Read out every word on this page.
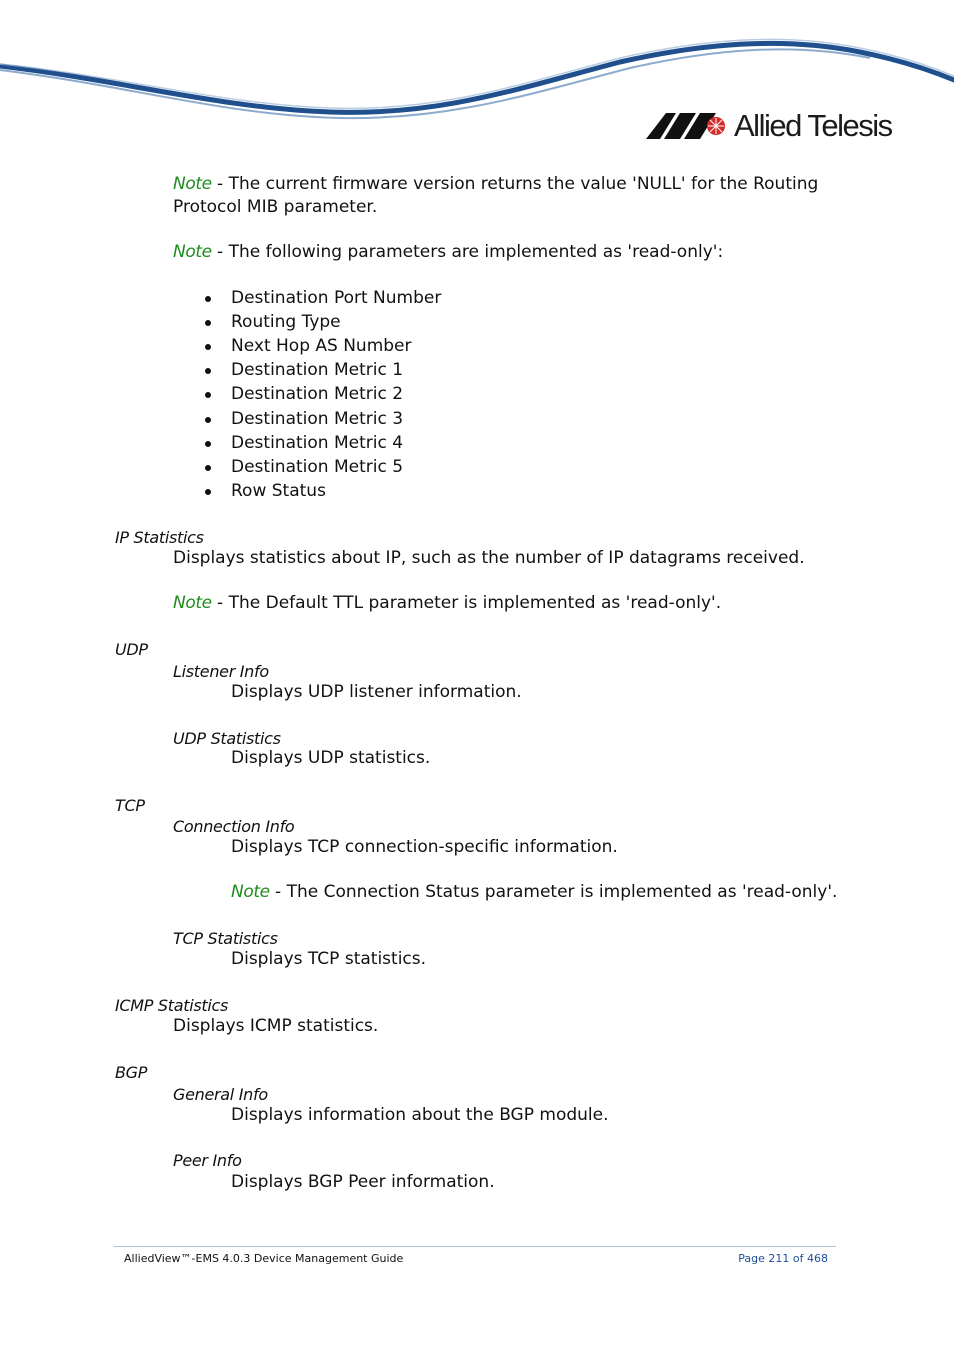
Allied Telesis
Note - The current firmware version returns the value 'NULL' for the Routing
Protocol MIB parameter.
Note - The following parameters are implemented as 'read-only':
Destination Port Number
Routing Type
Next Hop AS Number
Destination Metric 1
Destination Metric 2
Destination Metric 3
Destination Metric 4
Destination Metric 5
Row Status
IP Statistics
Displays statistics about IP, such as the number of IP datagrams received.
Note - The Default TTL parameter is implemented as 'read-only'.
UDP
Listener Info
Displays UDP listener information.
UDP Statistics
Displays UDP statistics.
TCP
Connection Info
Displays TCP connection-specific information.
Note - The Connection Status parameter is implemented as 'read-only'.
TCP Statistics
Displays TCP statistics.
ICMP Statistics
Displays ICMP statistics.
BGP
General Info
Displays information about the BGP module.
Peer Info
Displays BGP Peer information.
AlliedView™-EMS 4.0.3 Device Management Guide	Page 211 of 468
